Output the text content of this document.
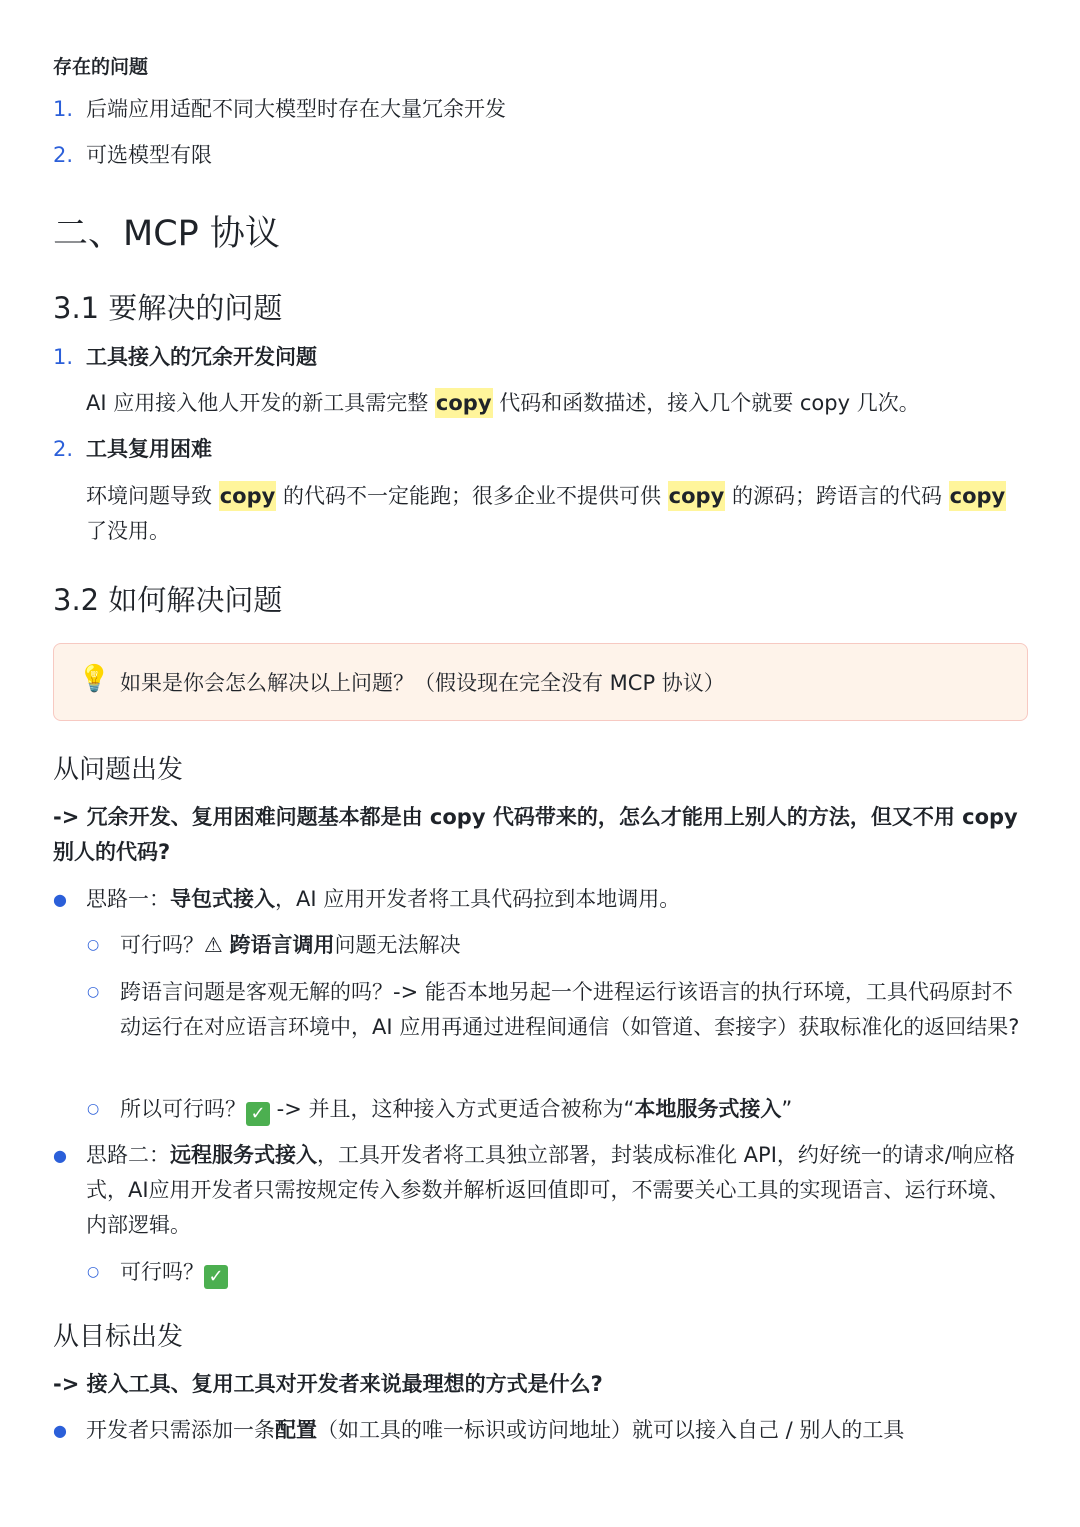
存在的问题
1. 后端应用适配不同大模型时存在大量冗余开发
2. 可选模型有限
二、MCP 协议
3.1 要解决的问题
1. 工具接入的冗余开发问题
AI 应用接入他人开发的新工具需完整 copy 代码和函数描述，接入几个就要 copy 几次。
2. 工具复用困难
环境问题导致 copy 的代码不一定能跑；很多企业不提供可供 copy 的源码；跨语言的代码 copy 了没用。
3.2 如何解决问题
💡 如果是你会怎么解决以上问题？（假设现在完全没有 MCP 协议）
从问题出发
-> 冗余开发、复用困难问题基本都是由 copy 代码带来的，怎么才能用上别人的方法，但又不用 copy 别人的代码?
● 思路一：导包式接入，AI 应用开发者将工具代码拉到本地调用。
○ 可行吗？⚠ 跨语言调用问题无法解决
○ 跨语言问题是客观无解的吗？-> 能否本地另起一个进程运行该语言的执行环境，工具代码原封不动运行在对应语言环境中，AI 应用再通过进程间通信（如管道、套接字）获取标准化的返回结果?
○ 所以可行吗？ ✓ -> 并且，这种接入方式更适合被称为“本地服务式接入”
● 思路二：远程服务式接入，工具开发者将工具独立部署，封装成标准化 API，约好统一的请求/响应格式，AI应用开发者只需按规定传入参数并解析返回值即可，不需要关心工具的实现语言、运行环境、内部逻辑。
○ 可行吗？ ✓
从目标出发
-> 接入工具、复用工具对开发者来说最理想的方式是什么?
● 开发者只需添加一条配置（如工具的唯一标识或访问地址）就可以接入自己 / 别人的工具
